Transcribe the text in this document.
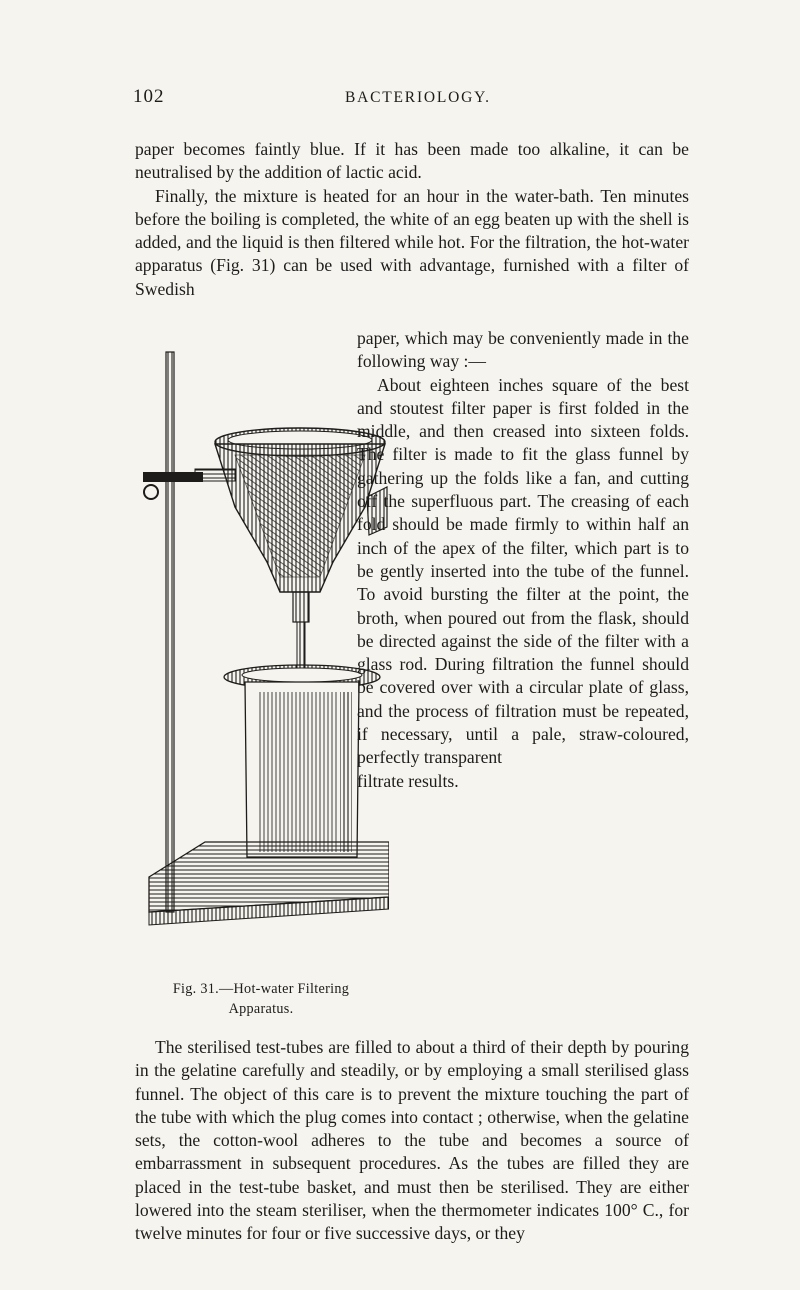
102	BACTERIOLOGY.

paper becomes faintly blue. If it has been made too alkaline, it can be neutralised by the addition of lactic acid.

Finally, the mixture is heated for an hour in the water-bath. Ten minutes before the boiling is completed, the white of an egg beaten up with the shell is added, and the liquid is then filtered while hot. For the filtration, the hot-water apparatus (Fig. 31) can be used with advantage, furnished with a filter of Swedish

Fig. 31.—Hot-water Filtering
Apparatus.

paper, which may be conveniently made in the following way :—

About eighteen inches square of the best and stoutest filter paper is first folded in the middle, and then creased into sixteen folds. The filter is made to fit the glass funnel by gathering up the folds like a fan, and cutting off the superfluous part. The creasing of each fold should be made firmly to within half an inch of the apex of the filter, which part is to be gently inserted into the tube of the funnel. To avoid bursting the filter at the point, the broth, when poured out from the flask, should be directed against the side of the filter with a glass rod. During filtration the funnel should be covered over with a circular plate of glass, and the process of filtration must be repeated, if necessary, until a pale, straw-coloured, perfectly transparent

filtrate results.

The sterilised test-tubes are filled to about a third of their depth by pouring in the gelatine carefully and steadily, or by employing a small sterilised glass funnel. The object of this care is to prevent the mixture touching the part of the tube with which the plug comes into contact ; otherwise, when the gelatine sets, the cotton-wool adheres to the tube and becomes a source of embarrassment in subsequent procedures. As the tubes are filled they are placed in the test-tube basket, and must then be sterilised. They are either lowered into the steam steriliser, when the thermometer indicates 100° C., for twelve minutes for four or five successive days, or they
